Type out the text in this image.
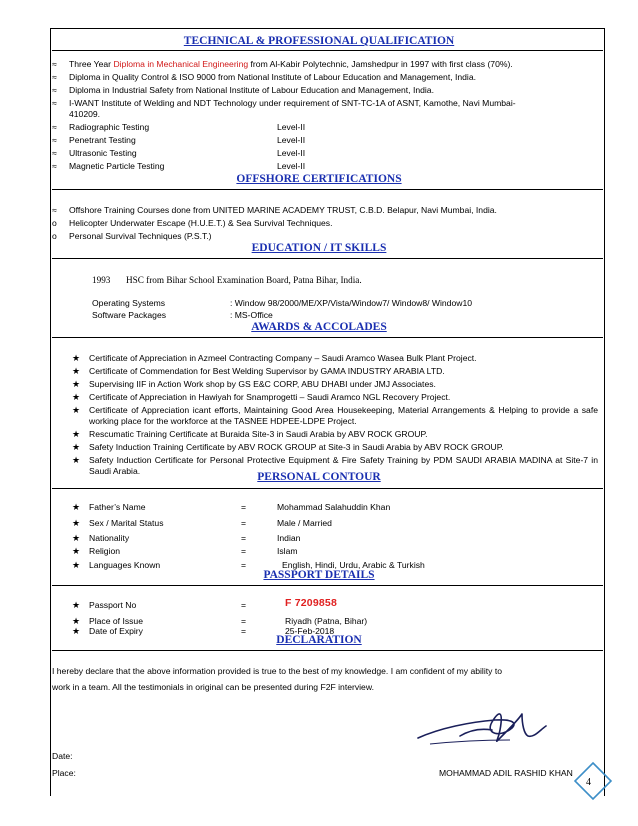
TECHNICAL & PROFESSIONAL QUALIFICATION
≈	Three Year Diploma in Mechanical Engineering from Al-Kabir Polytechnic, Jamshedpur in 1997 with first class (70%).
≈	Diploma in Quality Control & ISO 9000 from National Institute of Labour Education and Management, India.
≈	Diploma in Industrial Safety from National Institute of Labour Education and Management, India.
≈	I-WANT Institute of Welding and NDT Technology under requirement of SNT-TC-1A of ASNT, Kamothe, Navi Mumbai-
410209.
≈	Radiographic Testing	Level-II
≈	Penetrant Testing	Level-II
≈	Ultrasonic Testing	Level-II
≈	Magnetic Particle Testing	Level-II
OFFSHORE CERTIFICATIONS
≈	Offshore Training Courses done from UNITED MARINE ACADEMY TRUST, C.B.D. Belapur, Navi Mumbai, India.
o	Helicopter Underwater Escape (H.U.E.T.) & Sea Survival Techniques.
o	Personal Survival Techniques (P.S.T.)
EDUCATION / IT SKILLS
1993 HSC from Bihar School Examination Board, Patna Bihar, India.
Operating Systems	: Window 98/2000/ME/XP/Vista/Window7/ Window8/ Window10
Software Packages	: MS-Office
AWARDS & ACCOLADES
★	Certificate of Appreciation in Azmeel Contracting Company – Saudi Aramco Wasea Bulk Plant Project.
★	Certificate of Commendation for Best Welding Supervisor by GAMA INDUSTRY ARABIA LTD.
★	Supervising IIF in Action Work shop by GS E&C CORP, ABU DHABI under JMJ Associates.
★	Certificate of Appreciation in Hawiyah for Snamprogetti – Saudi Aramco NGL Recovery Project.
★	Certificate of Appreciation icant efforts, Maintaining Good Area Housekeeping, Material Arrangements & Helping to provide a safe working place for the workforce at the TASNEE HDPEE-LDPE Project.
★	Rescumatic Training Certificate at Buraida Site-3 in Saudi Arabia by ABV ROCK GROUP.
★	Safety Induction Training Certificate by ABV ROCK GROUP at Site-3 in Saudi Arabia by ABV ROCK GROUP.
★	Safety Induction Certificate for Personal Protective Equipment & Fire Safety Training by PDM SAUDI ARABIA MADINA at Site-7 in Saudi Arabia.	PERSONAL CONTOUR
★	Father’s Name	=	Mohammad Salahuddin Khan
★	Sex / Marital Status	=	Male / Married
★	Nationality	=	Indian
★	Religion	=	Islam
★	Languages Known	=	English, Hindi, Urdu, Arabic & Turkish
PASSPORT DETAILS
★	Passport No	=	F 7209858
★	Place of Issue	=	Riyadh (Patna, Bihar)
★	Date of Expiry	=	25-Feb-2018
DECLARATION
I hereby declare that the above information provided is true to the best of my knowledge. I am confident of my ability to
work in a team. All the testimonials in original can be presented during F2F interview.
Date:
Place:	MOHAMMAD ADIL RASHID KHAN
4
